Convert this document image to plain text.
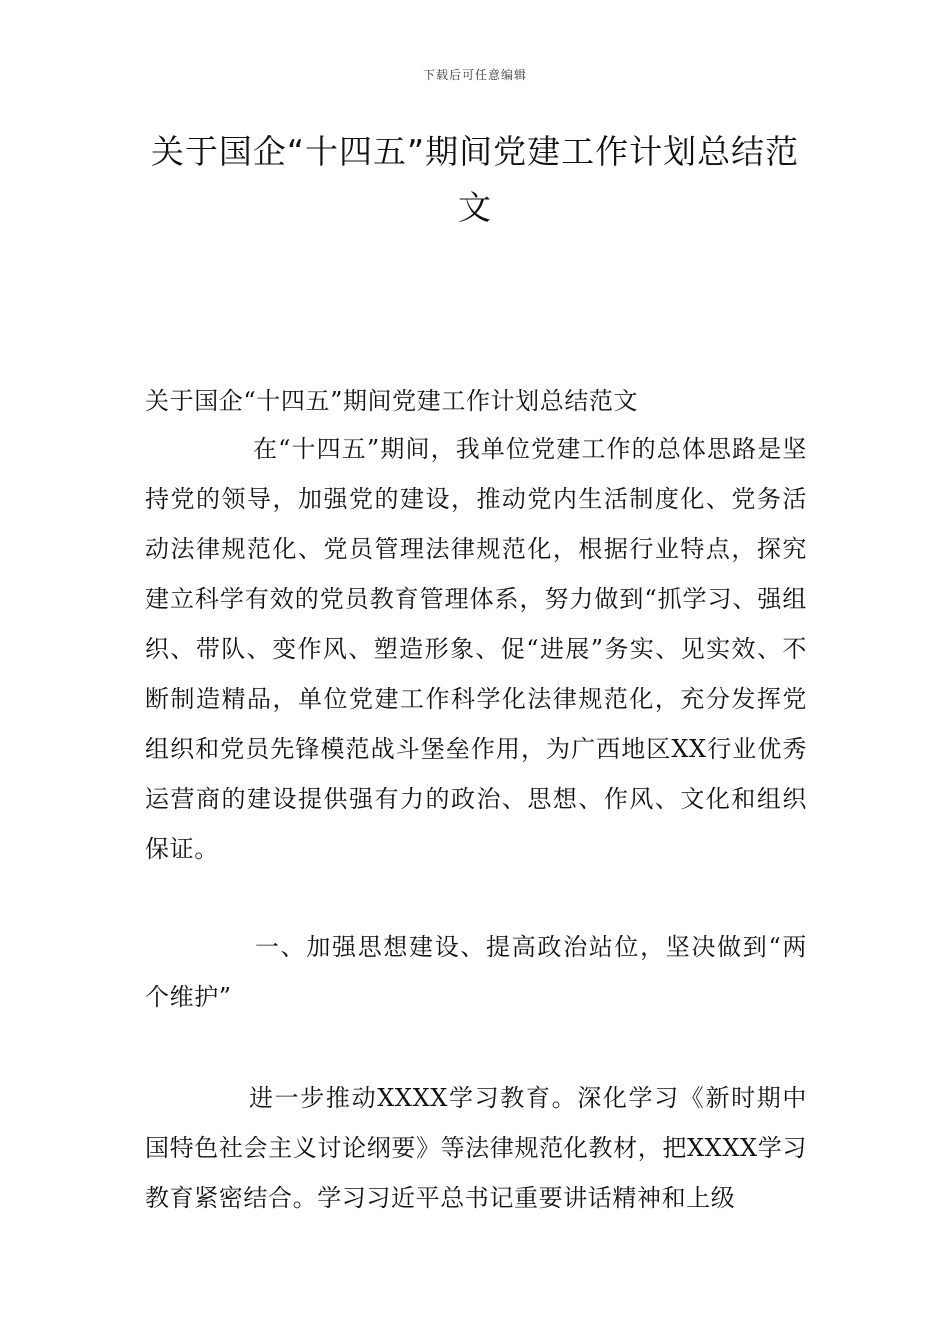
下载后可任意编辑
关于国企“十四五”期间党建工作计划总结范文

关于国企“十四五”期间党建工作计划总结范文

在“十四五”期间，我单位党建工作的总体思路是坚持党的领导，加强党的建设，推动党内生活制度化、党务活动法律规范化、党员管理法律规范化，根据行业特点，探究建立科学有效的党员教育管理体系，努力做到“抓学习、强组织、带队、变作风、塑造形象、促“进展”务实、见实效、不断制造精品，单位党建工作科学化法律规范化，充分发挥党组织和党员先锋模范战斗堡垒作用，为广西地区XX行业优秀运营商的建设提供强有力的政治、思想、作风、文化和组织保证。

一、加强思想建设、提高政治站位，坚决做到“两个维护”

进一步推动XXXX学习教育。深化学习《新时期中国特色社会主义讨论纲要》等法律规范化教材，把XXXX学习教育紧密结合。学习习近平总书记重要讲话精神和上级
